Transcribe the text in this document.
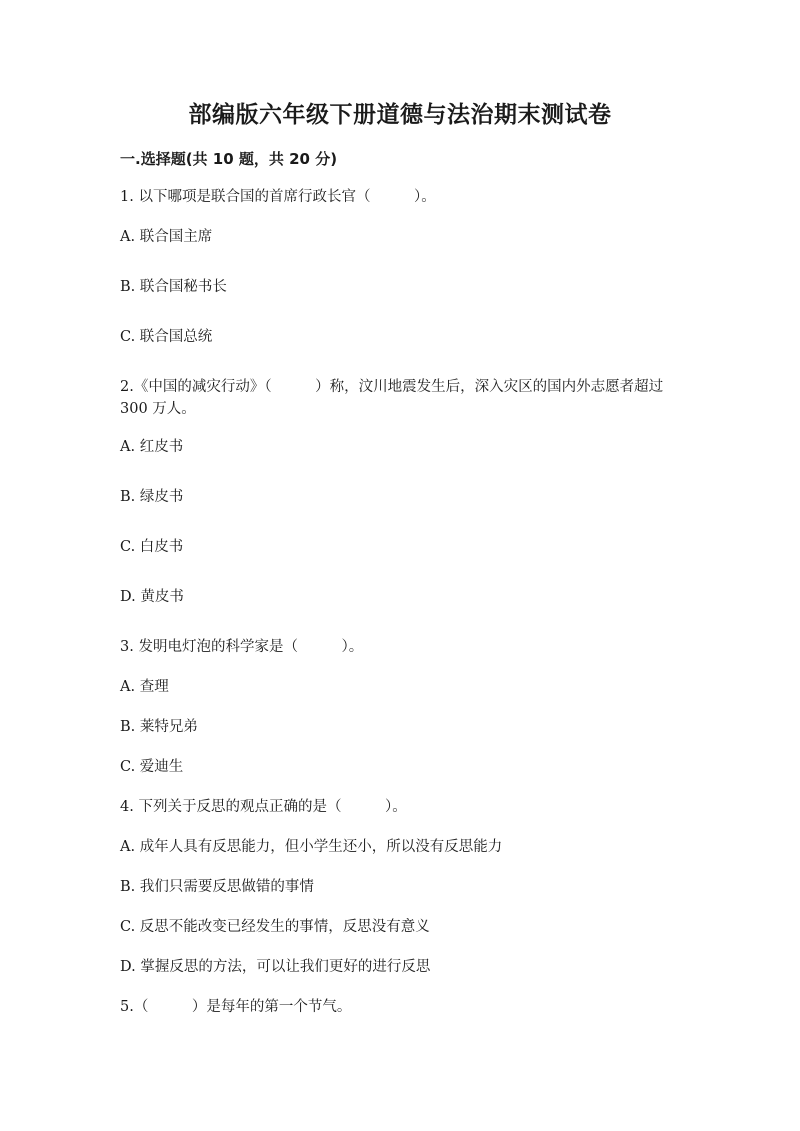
部编版六年级下册道德与法治期末测试卷
一.选择题(共 10 题，共 20 分)
1. 以下哪项是联合国的首席行政长官（　　　）。
A. 联合国主席
B. 联合国秘书长
C. 联合国总统
2.《中国的减灾行动》（　　　）称，汶川地震发生后，深入灾区的国内外志愿者超过 300 万人。
A. 红皮书
B. 绿皮书
C. 白皮书
D. 黄皮书
3. 发明电灯泡的科学家是（　　　）。
A. 查理
B. 莱特兄弟
C. 爱迪生
4. 下列关于反思的观点正确的是（　　　）。
A. 成年人具有反思能力，但小学生还小，所以没有反思能力
B. 我们只需要反思做错的事情
C. 反思不能改变已经发生的事情，反思没有意义
D. 掌握反思的方法，可以让我们更好的进行反思
5.（　　　）是每年的第一个节气。
